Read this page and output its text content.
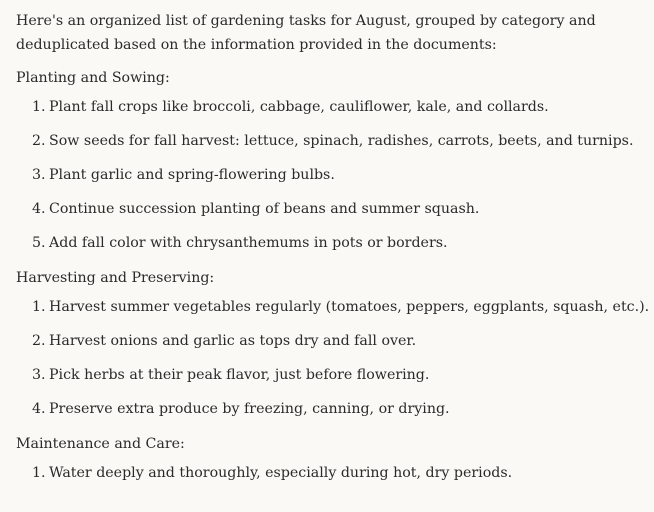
Here's an organized list of gardening tasks for August, grouped by category and deduplicated based on the information provided in the documents:

Planting and Sowing:

1. Plant fall crops like broccoli, cabbage, cauliflower, kale, and collards.
2. Sow seeds for fall harvest: lettuce, spinach, radishes, carrots, beets, and turnips.
3. Plant garlic and spring-flowering bulbs.
4. Continue succession planting of beans and summer squash.
5. Add fall color with chrysanthemums in pots or borders.

Harvesting and Preserving:

1. Harvest summer vegetables regularly (tomatoes, peppers, eggplants, squash, etc.).
2. Harvest onions and garlic as tops dry and fall over.
3. Pick herbs at their peak flavor, just before flowering.
4. Preserve extra produce by freezing, canning, or drying.

Maintenance and Care:

1. Water deeply and thoroughly, especially during hot, dry periods.
